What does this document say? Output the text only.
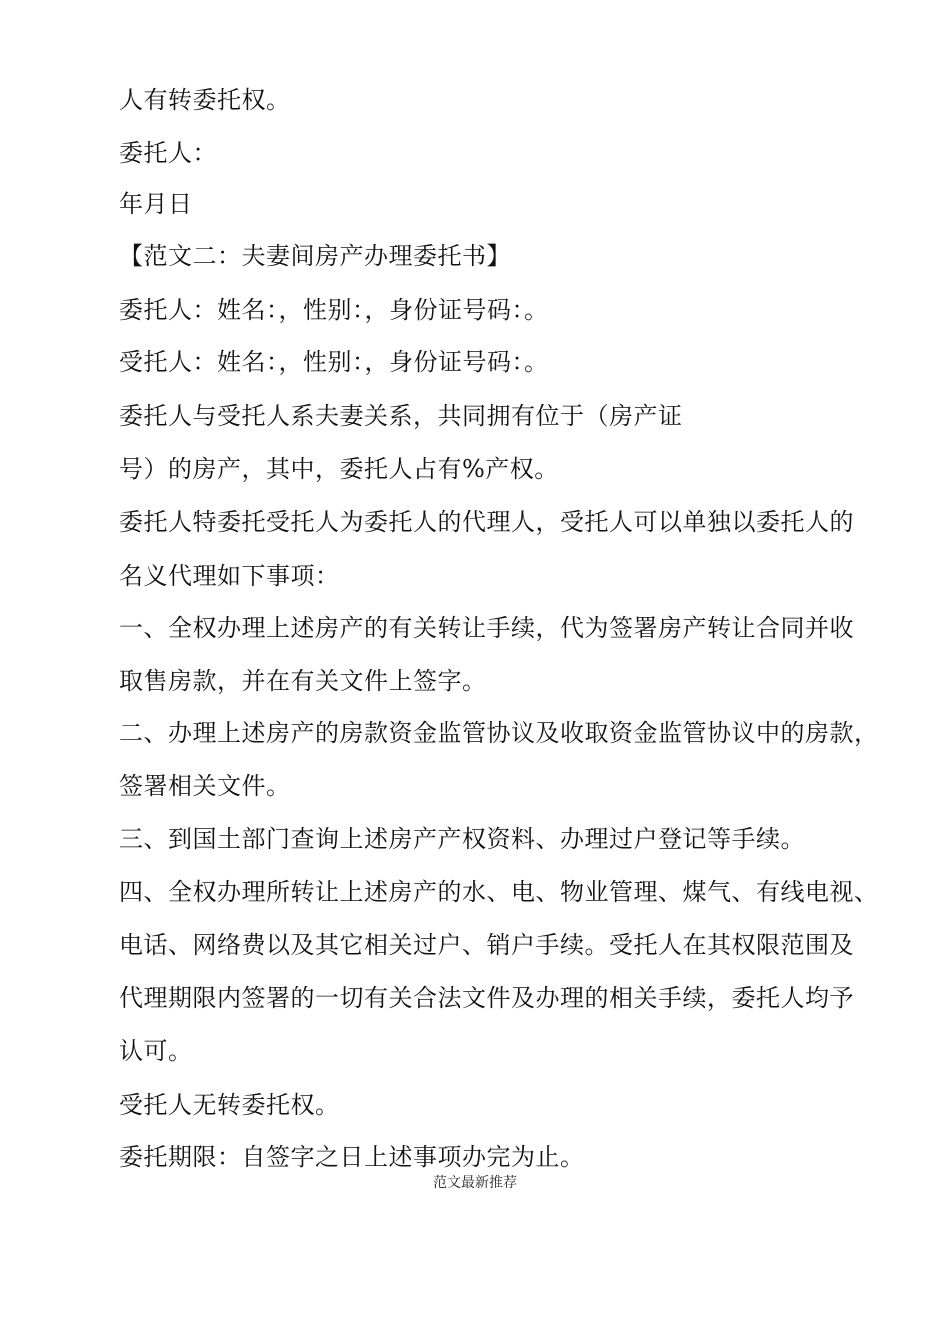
人有转委托权。
委托人：
年月日
【范文二：夫妻间房产办理委托书】
委托人：姓名：，性别：，身份证号码：。
受托人：姓名：，性别：，身份证号码：。
委托人与受托人系夫妻关系，共同拥有位于（房产证
号）的房产，其中，委托人占有%产权。
委托人特委托受托人为委托人的代理人，受托人可以单独以委托人的
名义代理如下事项：
一、全权办理上述房产的有关转让手续，代为签署房产转让合同并收
取售房款，并在有关文件上签字。
二、办理上述房产的房款资金监管协议及收取资金监管协议中的房款，
签署相关文件。
三、到国土部门查询上述房产产权资料、办理过户登记等手续。
四、全权办理所转让上述房产的水、电、物业管理、煤气、有线电视、
电话、网络费以及其它相关过户、销户手续。受托人在其权限范围及
代理期限内签署的一切有关合法文件及办理的相关手续，委托人均予
认可。
受托人无转委托权。
委托期限：自签字之日上述事项办完为止。
范文最新推荐
